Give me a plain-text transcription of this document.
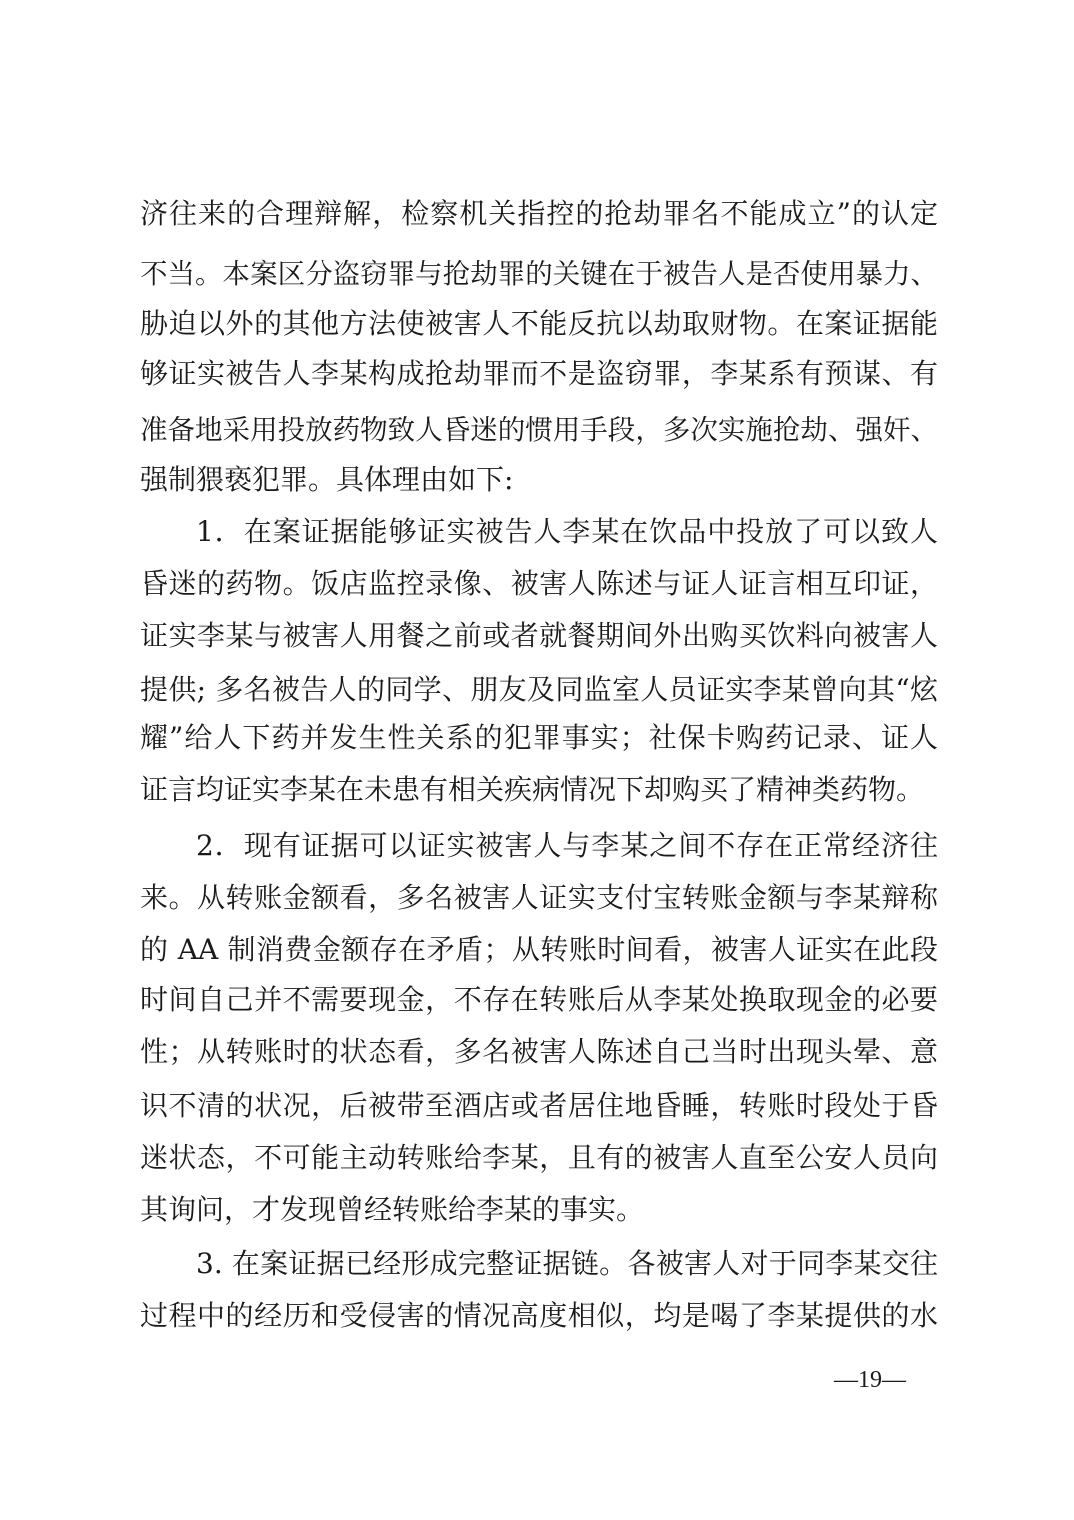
济往来的合理辩解，检察机关指控的抢劫罪名不能成立”的认定
不当。本案区分盗窃罪与抢劫罪的关键在于被告人是否使用暴力、
胁迫以外的其他方法使被害人不能反抗以劫取财物。在案证据能
够证实被告人李某构成抢劫罪而不是盗窃罪，李某系有预谋、有
准备地采用投放药物致人昏迷的惯用手段，多次实施抢劫、强奸、
强制猥亵犯罪。具体理由如下:
1．在案证据能够证实被告人李某在饮品中投放了可以致人
昏迷的药物。饭店监控录像、被害人陈述与证人证言相互印证，
证实李某与被害人用餐之前或者就餐期间外出购买饮料向被害人
提供; 多名被告人的同学、朋友及同监室人员证实李某曾向其“炫
耀”给人下药并发生性关系的犯罪事实；社保卡购药记录、证人
证言均证实李某在未患有相关疾病情况下却购买了精神类药物。
2．现有证据可以证实被害人与李某之间不存在正常经济往
来。从转账金额看，多名被害人证实支付宝转账金额与李某辩称
的 AA 制消费金额存在矛盾；从转账时间看，被害人证实在此段
时间自己并不需要现金，不存在转账后从李某处换取现金的必要
性；从转账时的状态看，多名被害人陈述自己当时出现头晕、意
识不清的状况，后被带至酒店或者居住地昏睡，转账时段处于昏
迷状态，不可能主动转账给李某，且有的被害人直至公安人员向
其询问，才发现曾经转账给李某的事实。
3. 在案证据已经形成完整证据链。各被害人对于同李某交往
过程中的经历和受侵害的情况高度相似，均是喝了李某提供的水
—19—
